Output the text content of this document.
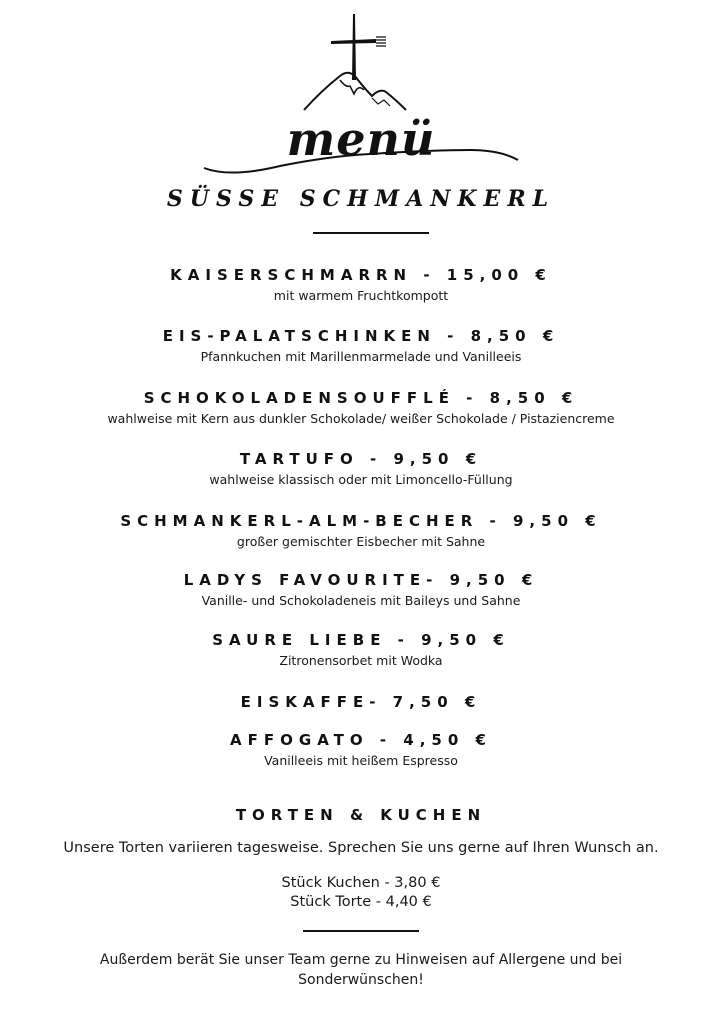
menü
SÜSSE SCHMANKERL
KAISERSCHMARRN - 15,00 €
mit warmem Fruchtkompott
EIS-PALATSCHINKEN - 8,50 €
Pfannkuchen mit Marillenmarmelade und Vanilleeis
SCHOKOLADENSOUFFLÉ - 8,50 €
wahlweise mit Kern aus dunkler Schokolade/ weißer Schokolade / Pistaziencreme
TARTUFO - 9,50 €
wahlweise klassisch oder mit Limoncello-Füllung
SCHMANKERL-ALM-BECHER - 9,50 €
großer gemischter Eisbecher mit Sahne
LADYS FAVOURITE- 9,50 €
Vanille- und Schokoladeneis mit Baileys und Sahne
SAURE LIEBE - 9,50 €
Zitronensorbet mit Wodka
EISKAFFE- 7,50 €
AFFOGATO - 4,50 €
Vanilleeis mit heißem Espresso
TORTEN & KUCHEN
Unsere Torten variieren tagesweise. Sprechen Sie uns gerne auf Ihren Wunsch an.
Stück Kuchen - 3,80 €
Stück Torte - 4,40 €
Außerdem berät Sie unser Team gerne zu Hinweisen auf Allergene und bei Sonderwünschen!
